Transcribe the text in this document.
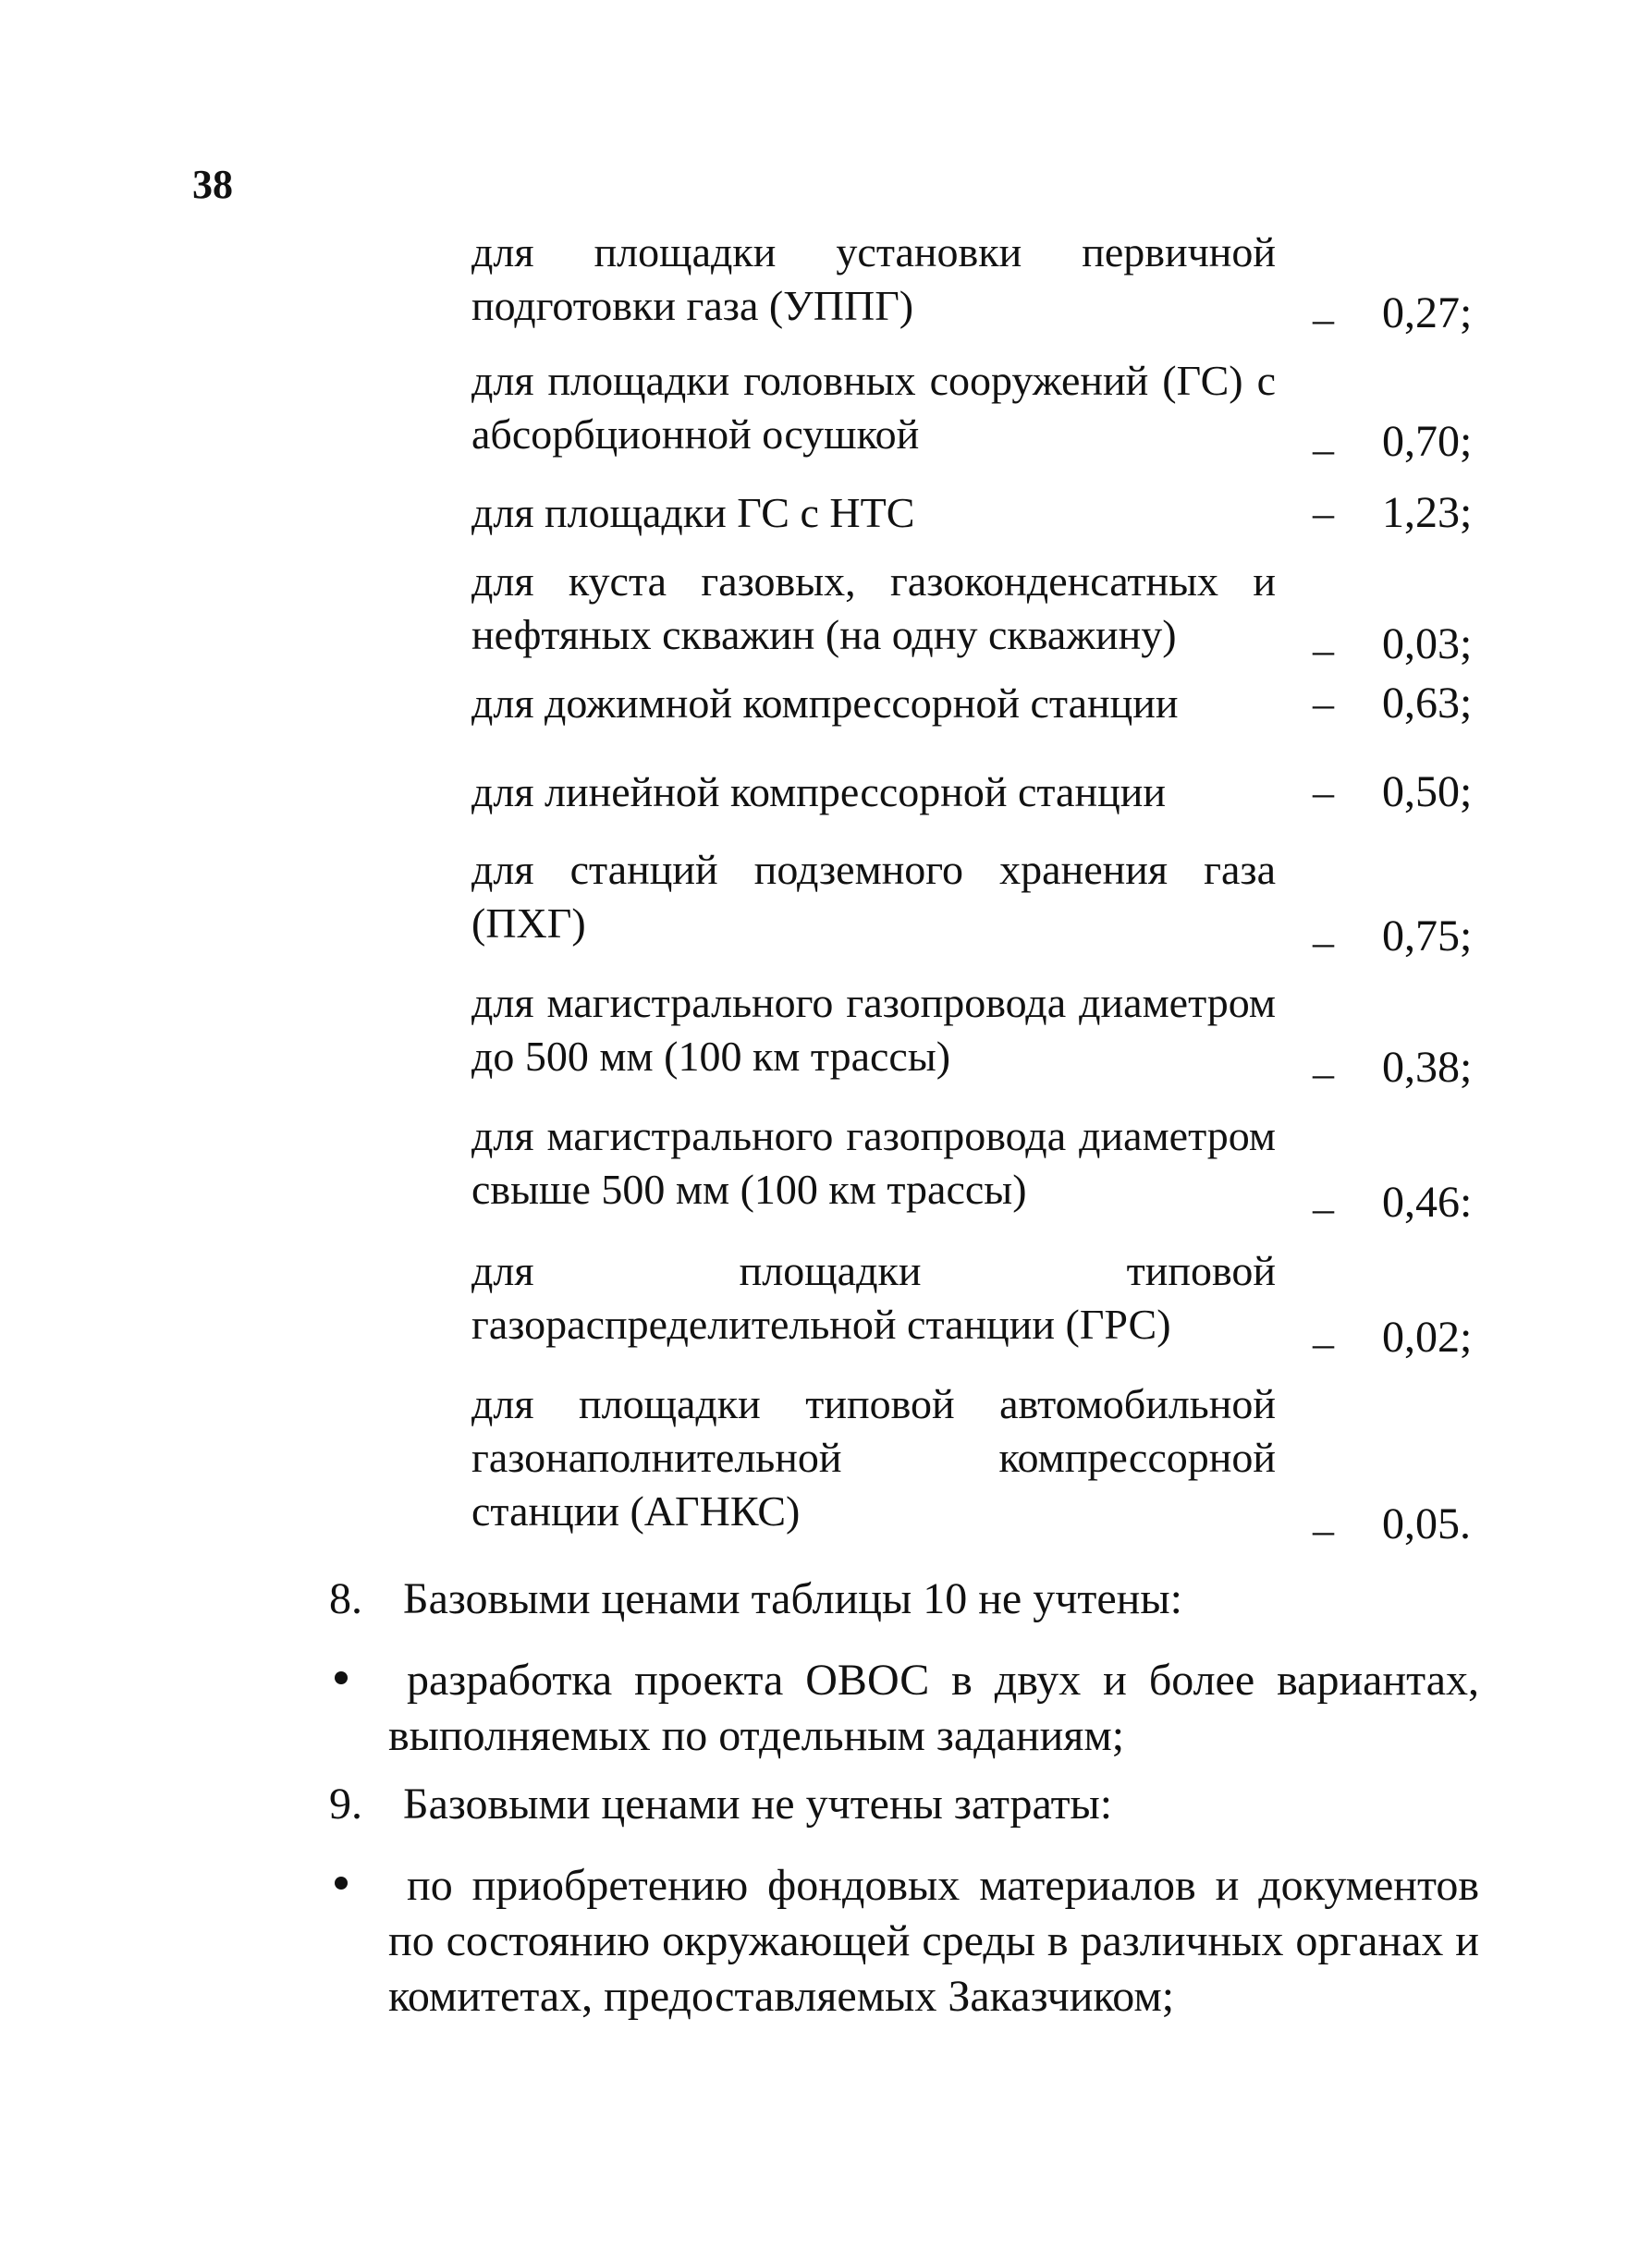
38
для площадки установки первичной подготовки газа (УППГ)	– 0,27;
для площадки головных сооружений (ГС) с абсорбционной осушкой	– 0,70;
для площадки ГС с НТС	– 1,23;
для куста газовых, газоконденсатных и нефтяных скважин (на одну скважину)	– 0,03;
для дожимной компрессорной станции	– 0,63;
для линейной компрессорной станции	– 0,50;
для станций подземного хранения газа (ПХГ)	– 0,75;
для магистрального газопровода диаметром до 500 мм (100 км трассы)	– 0,38;
для магистрального газопровода диаметром свыше 500 мм (100 км трассы)	– 0,46:
для площадки типовой газораспределительной станции (ГРС)	– 0,02;
для площадки типовой автомобильной газонаполнительной компрессорной станции (АГНКС)	– 0,05.
8. Базовыми ценами таблицы 10 не учтены:
разработка проекта ОВОС в двух и более вариантах, выполняемых по отдельным заданиям;
9. Базовыми ценами не учтены затраты:
по приобретению фондовых материалов и документов по состоянию окружающей среды в различных органах и комитетах, предоставляемых Заказчиком;
